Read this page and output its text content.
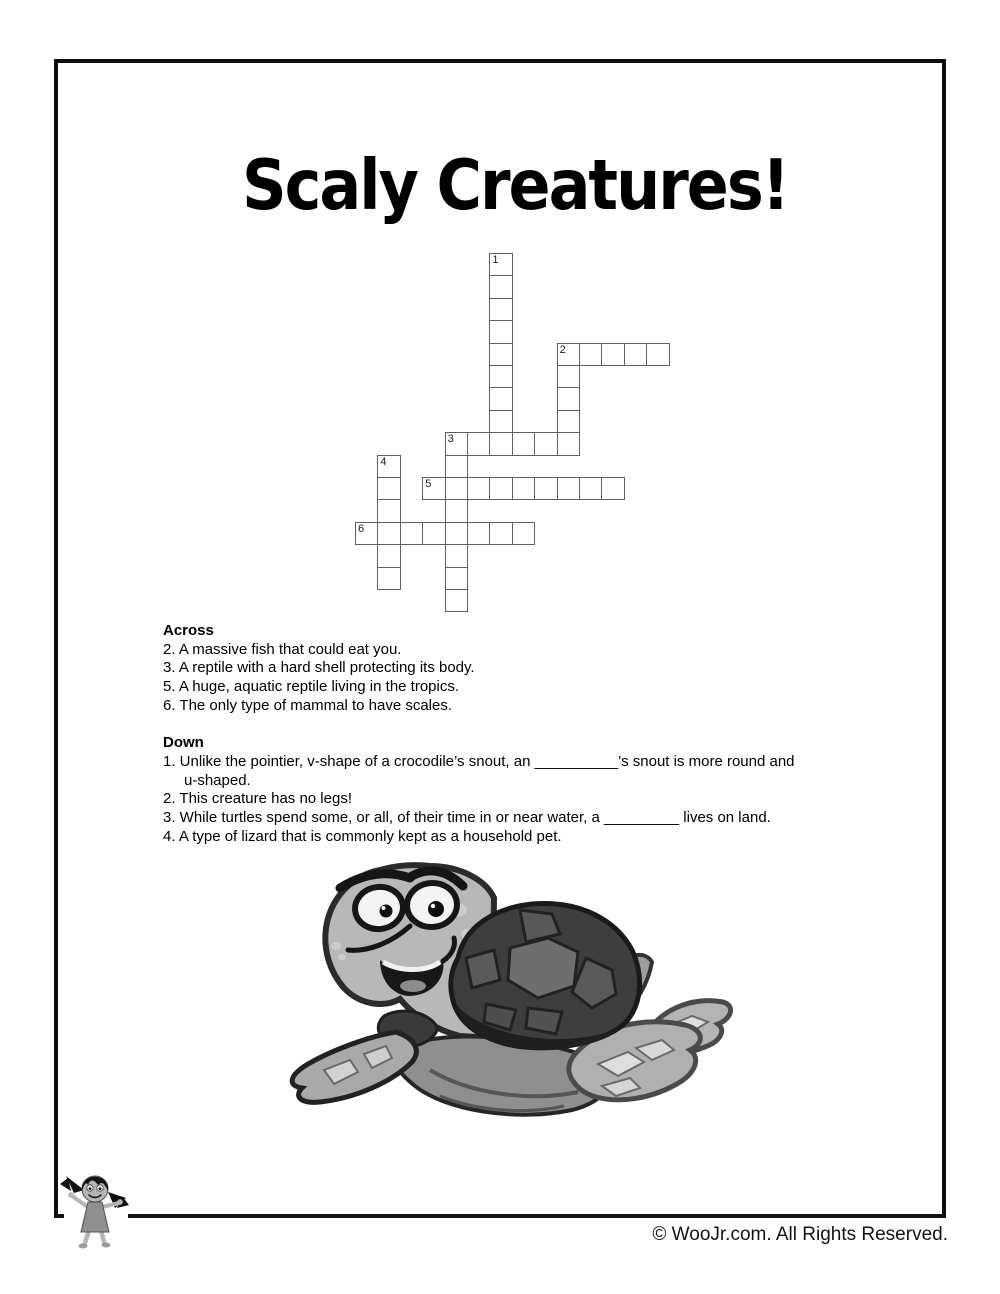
Scaly Creatures!
1
2
3
4
5
6
Across
2. A massive fish that could eat you.
3. A reptile with a hard shell protecting its body.
5. A huge, aquatic reptile living in the tropics.
6. The only type of mammal to have scales.
Down
1. Unlike the pointier, v-shape of a crocodile’s snout, an __________’s snout is more round and
u-shaped.
2. This creature has no legs!
3. While turtles spend some, or all, of their time in or near water, a _________ lives on land.
4. A type of lizard that is commonly kept as a household pet.
© WooJr.com. All Rights Reserved.
